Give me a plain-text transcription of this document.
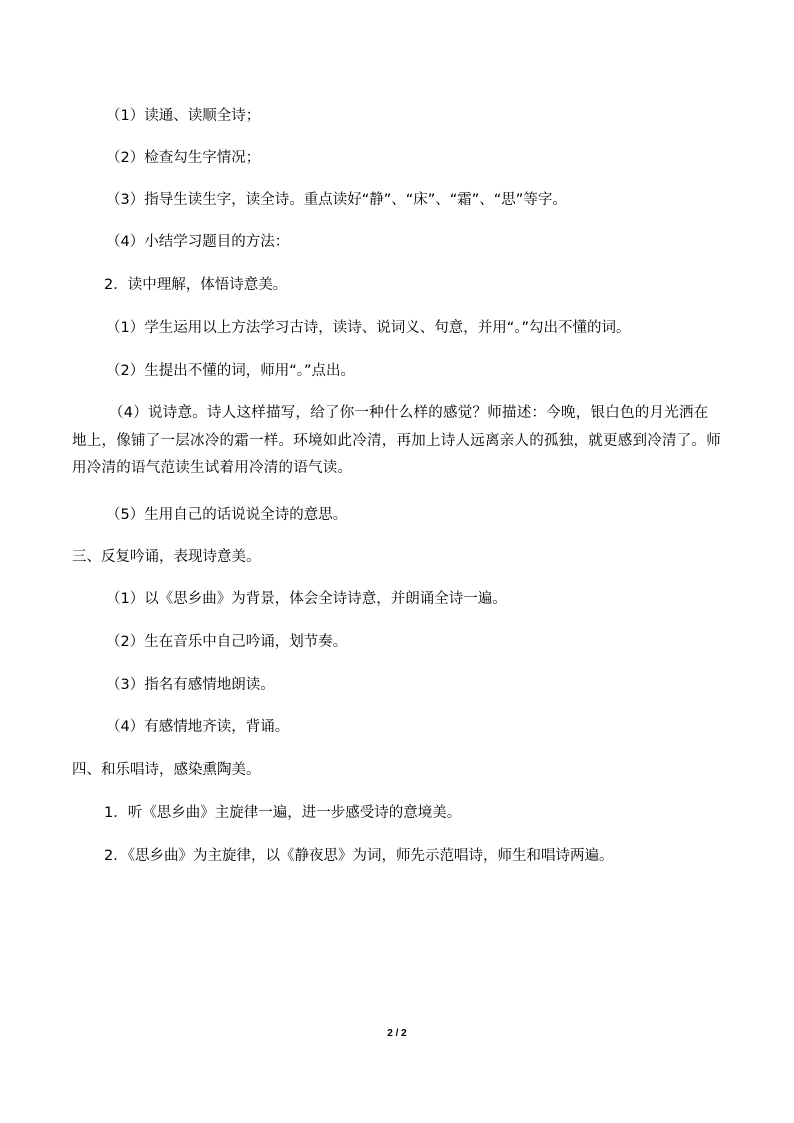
（1）读通、读顺全诗；
（2）检查勾生字情况；
（3）指导生读生字，读全诗。重点读好“静”、“床”、“霜”、“思”等字。
（4）小结学习题目的方法：
2．读中理解，体悟诗意美。
（1）学生运用以上方法学习古诗，读诗、说词义、句意，并用“。”勾出不懂的词。
（2）生提出不懂的词，师用“。”点出。
（4）说诗意。诗人这样描写，给了你一种什么样的感觉？师描述：今晚，银白色的月光洒在地上，像铺了一层冰冷的霜一样。环境如此冷清，再加上诗人远离亲人的孤独，就更感到冷清了。师用冷清的语气范读生试着用冷清的语气读。
（5）生用自己的话说说全诗的意思。
三、反复吟诵，表现诗意美。
（1）以《思乡曲》为背景，体会全诗诗意，并朗诵全诗一遍。
（2）生在音乐中自己吟诵，划节奏。
（3）指名有感情地朗读。
（4）有感情地齐读，背诵。
四、和乐唱诗，感染熏陶美。
1．听《思乡曲》主旋律一遍，进一步感受诗的意境美。
2．《思乡曲》为主旋律，以《静夜思》为词，师先示范唱诗，师生和唱诗两遍。
2 / 2
